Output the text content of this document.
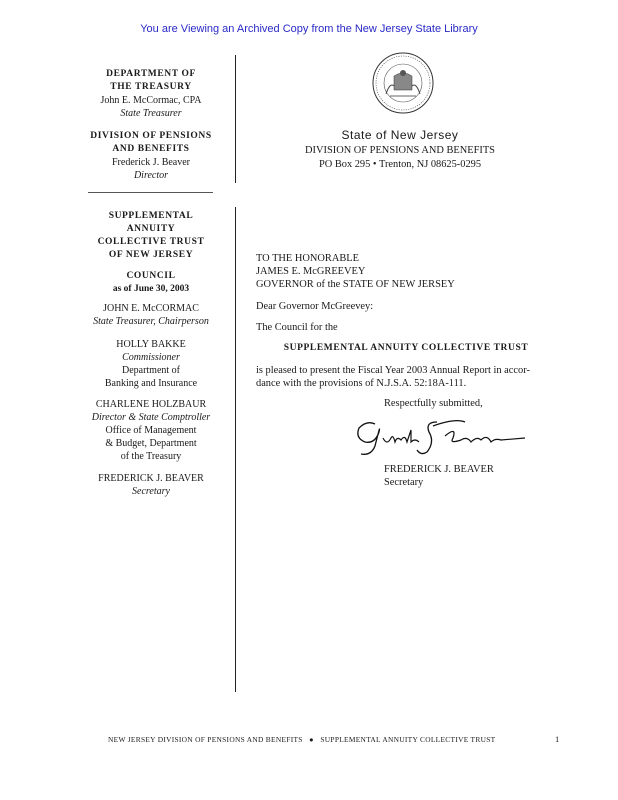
You are Viewing an Archived Copy from the New Jersey State Library
DEPARTMENT OF
THE TREASURY
John E. McCormac, CPA
State Treasurer
DIVISION OF PENSIONS
AND BENEFITS
Frederick J. Beaver
Director
SUPPLEMENTAL
ANNUITY
COLLECTIVE TRUST
OF NEW JERSEY
COUNCIL
as of June 30, 2003
JOHN E. McCORMAC
State Treasurer, Chairperson
HOLLY BAKKE
Commissioner
Department of
Banking and Insurance
CHARLENE HOLZBAUR
Director & State Comptroller
Office of Management
& Budget, Department
of the Treasury
FREDERICK J. BEAVER
Secretary
State of New Jersey
DIVISION OF PENSIONS AND BENEFITS
PO Box 295 • Trenton, NJ 08625-0295
TO THE HONORABLE
JAMES E. McGREEVEY
GOVERNOR of the STATE OF NEW JERSEY
Dear Governor McGreevey:
The Council for the
SUPPLEMENTAL ANNUITY COLLECTIVE TRUST
is pleased to present the Fiscal Year 2003 Annual Report in accor-
dance with the provisions of N.J.S.A. 52:18A-111.
Respectfully submitted,
FREDERICK J. BEAVER
Secretary
NEW JERSEY DIVISION OF PENSIONS AND BENEFITS ● SUPPLEMENTAL ANNUITY COLLECTIVE TRUST	1
